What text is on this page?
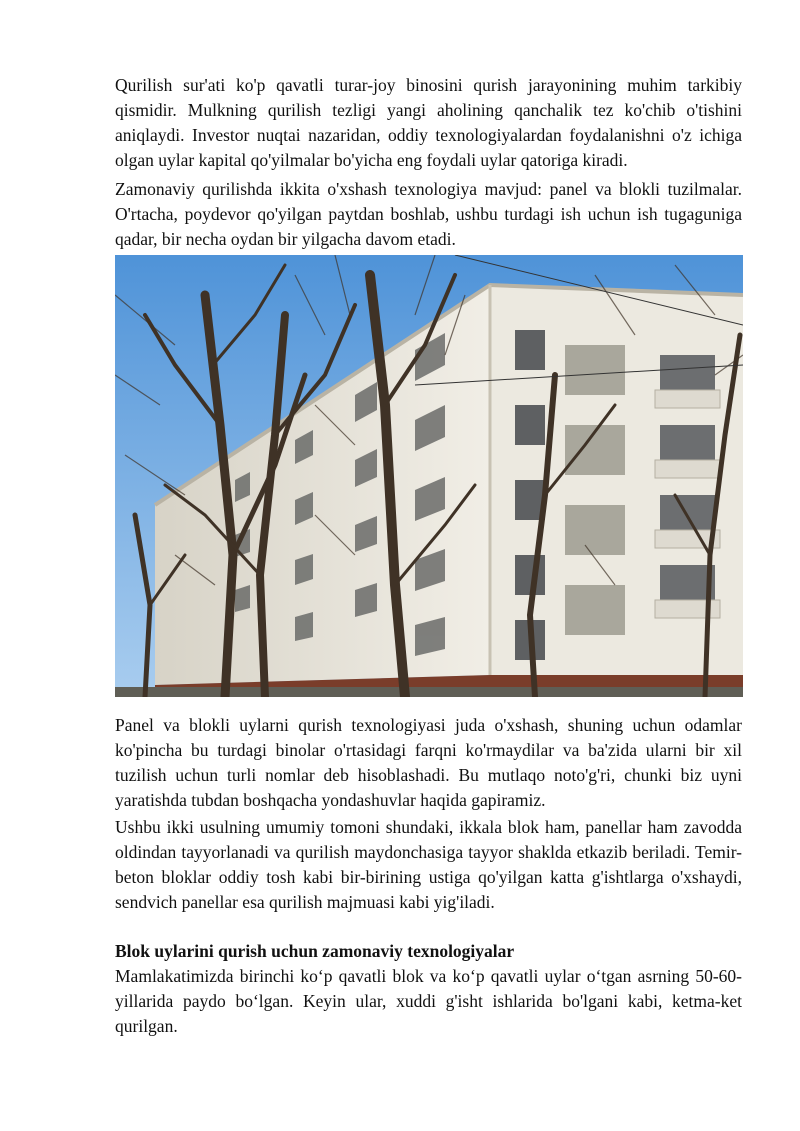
Qurilish sur'ati ko'p qavatli turar-joy binosini qurish jarayonining muhim tarkibiy qismidir. Mulkning qurilish tezligi yangi aholining qanchalik tez ko'chib o'tishini aniqlaydi. Investor nuqtai nazaridan, oddiy texnologiyalardan foydalanishni o'z ichiga olgan uylar kapital qo'yilmalar bo'yicha eng foydali uylar qatoriga kiradi.

Zamonaviy qurilishda ikkita o'xshash texnologiya mavjud: panel va blokli tuzilmalar. O'rtacha, poydevor qo'yilgan paytdan boshlab, ushbu turdagi ish uchun ish tugaguniga qadar, bir necha oydan bir yilgacha davom etadi.

Panel va blokli uylarni qurish texnologiyasi juda o'xshash, shuning uchun odamlar ko'pincha bu turdagi binolar o'rtasidagi farqni ko'rmaydilar va ba'zida ularni bir xil tuzilish uchun turli nomlar deb hisoblashadi. Bu mutlaqo noto'g'ri, chunki biz uyni yaratishda tubdan boshqacha yondashuvlar haqida gapiramiz.

Ushbu ikki usulning umumiy tomoni shundaki, ikkala blok ham, panellar ham zavodda oldindan tayyorlanadi va qurilish maydonchasiga tayyor shaklda etkazib beriladi. Temir-beton bloklar oddiy tosh kabi bir-birining ustiga qo'yilgan katta g'ishtlarga o'xshaydi, sendvich panellar esa qurilish majmuasi kabi yig'iladi.

Blok uylarini qurish uchun zamonaviy texnologiyalar

Mamlakatimizda birinchi ko‘p qavatli blok va ko‘p qavatli uylar o‘tgan asrning 50-60-yillarida paydo bo‘lgan. Keyin ular, xuddi g'isht ishlarida bo'lgani kabi, ketma-ket qurilgan.
